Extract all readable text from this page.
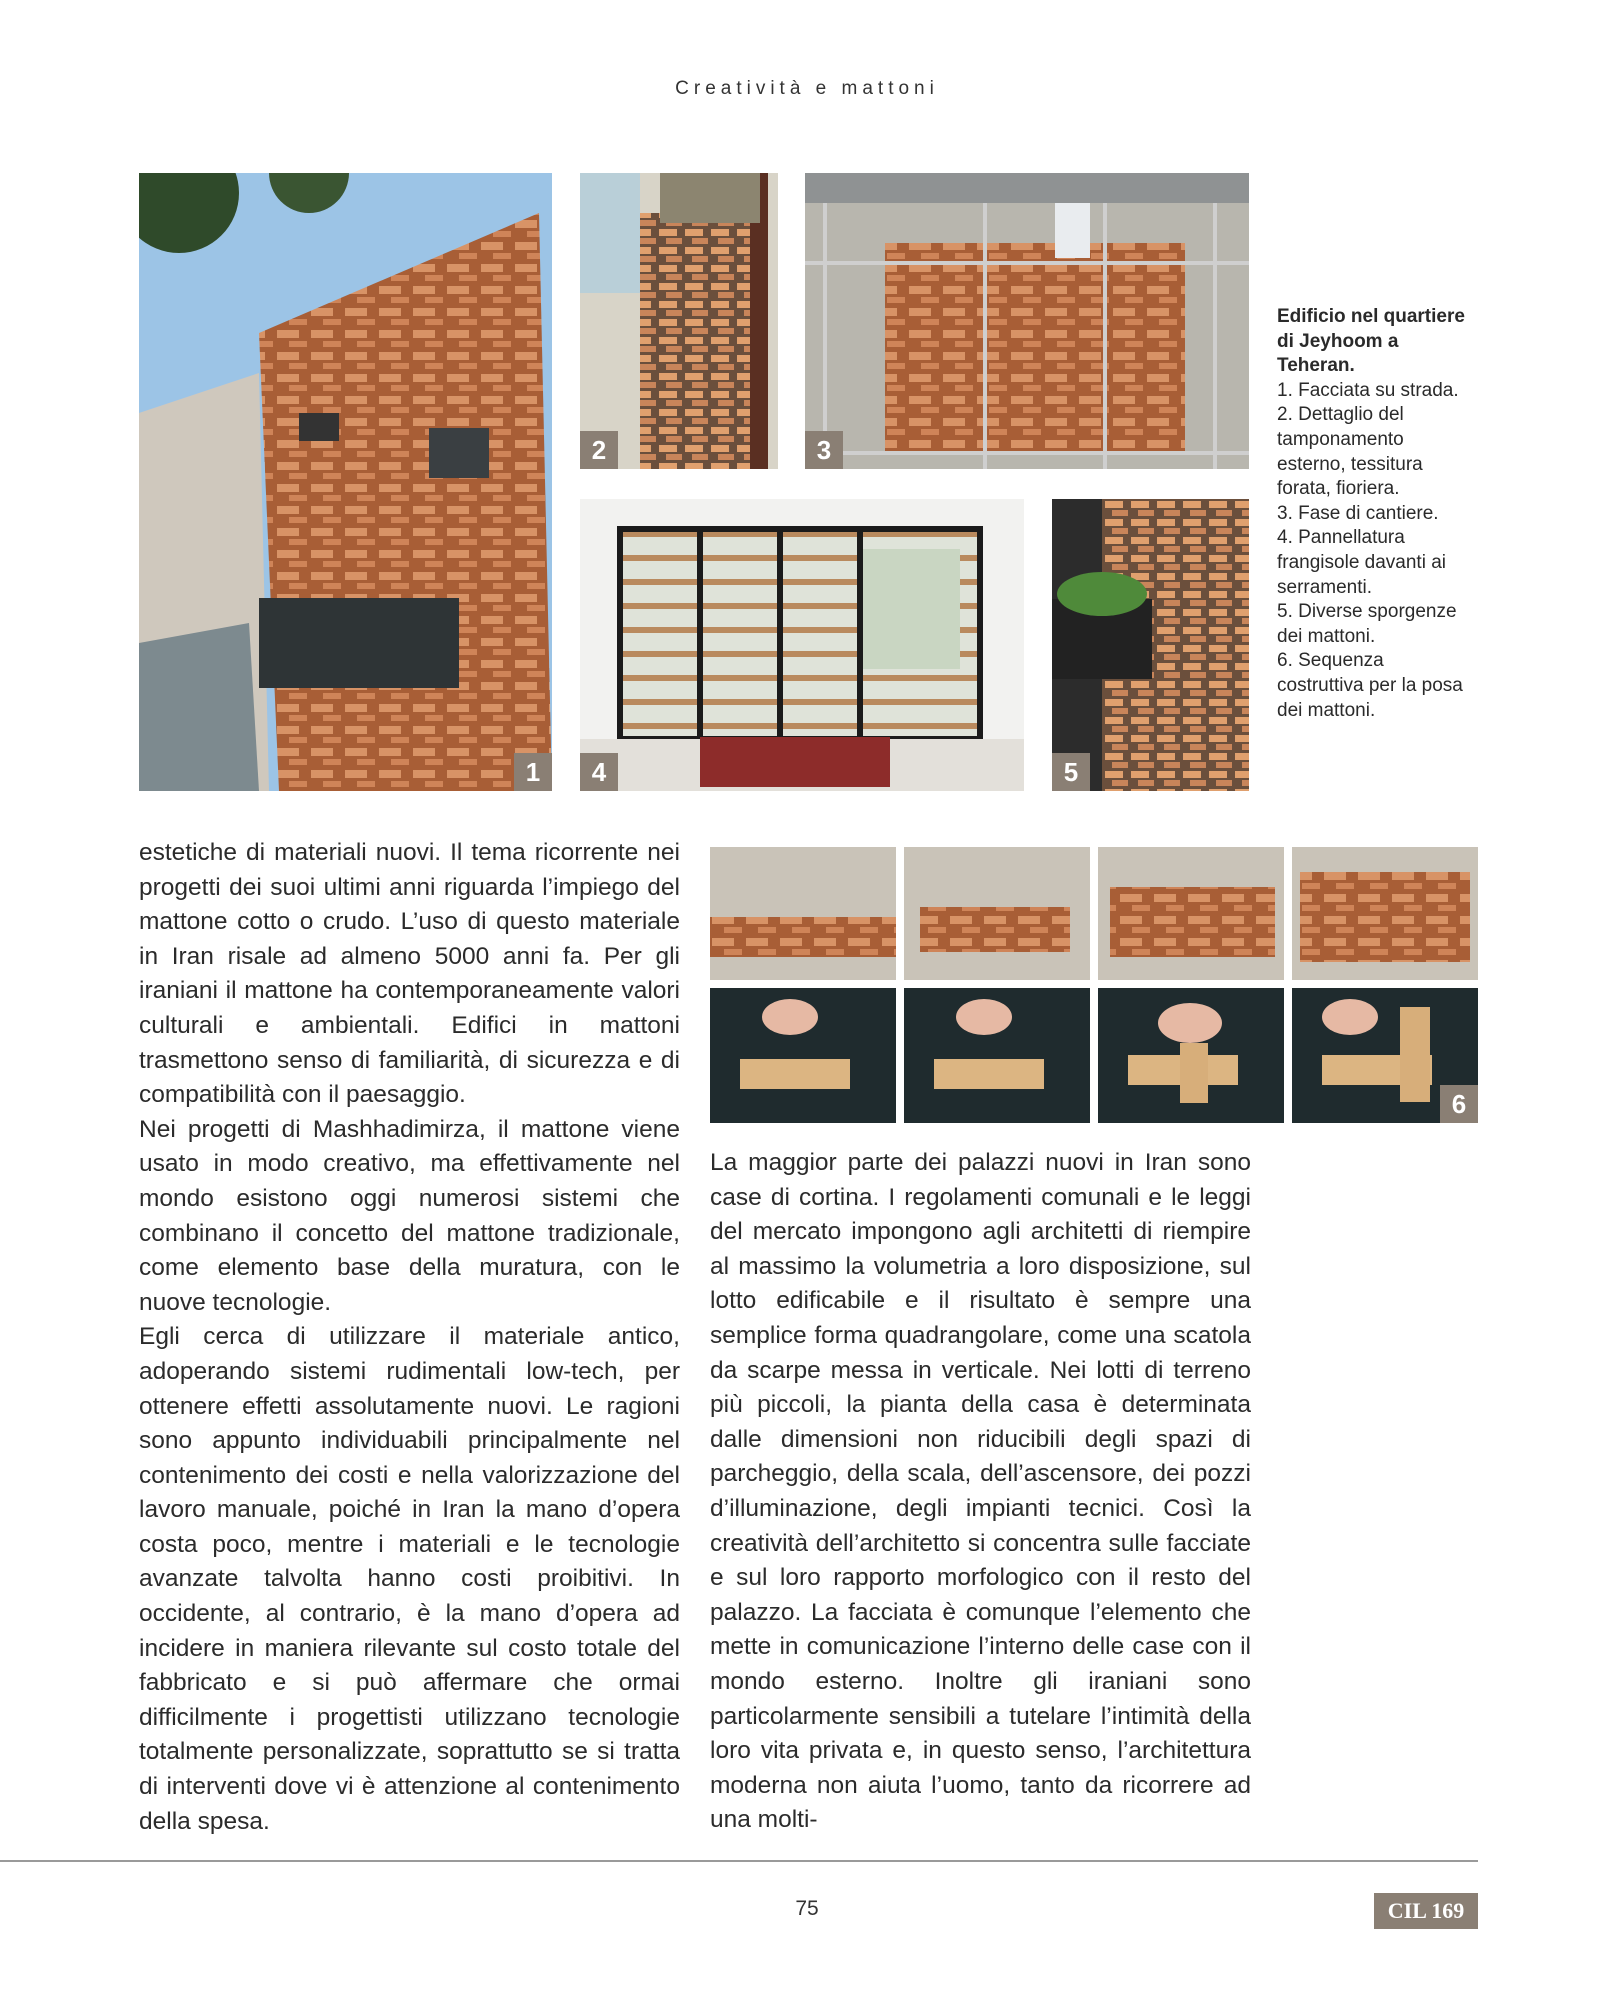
Creatività e mattoni
1
2	3
4	5
6

Edificio nel quartiere di Jeyhoom a Teheran.

1. Facciata su strada.

2. Dettaglio del tamponamento esterno, tessitura forata, fioriera.

3. Fase di cantiere.

4. Pannellatura frangisole davanti ai serramenti.

5. Diverse sporgenze dei mattoni.

6. Sequenza costruttiva per la posa dei mattoni.

estetiche di materiali nuovi. Il tema ricorrente nei progetti dei suoi ultimi anni riguarda l’impiego del mattone cotto o crudo. L’uso di questo materiale in Iran risale ad almeno 5000 anni fa. Per gli iraniani il mattone ha contemporaneamente valori culturali e ambientali. Edifici in mattoni trasmettono senso di familiarità, di sicurezza e di compatibilità con il paesaggio.

Nei progetti di Mashhadimirza, il mattone viene usato in modo creativo, ma effettivamente nel mondo esistono oggi numerosi sistemi che combinano il concetto del mattone tradizionale, come elemento base della muratura, con le nuove tecnologie.

Egli cerca di utilizzare il materiale antico, adoperando sistemi rudimentali low-tech, per ottenere effetti assolutamente nuovi. Le ragioni sono appunto individuabili principalmente nel contenimento dei costi e nella valorizzazione del lavoro manuale, poiché in Iran la mano d’opera costa poco, mentre i materiali e le tecnologie avanzate talvolta hanno costi proibitivi. In occidente, al contrario, è la mano d’opera ad incidere in maniera rilevante sul costo totale del fabbricato e si può affermare che ormai difficilmente i progettisti utilizzano tecnologie totalmente personalizzate, soprattutto se si tratta di interventi dove vi è attenzione al contenimento della spesa.

La maggior parte dei palazzi nuovi in Iran sono case di cortina. I regolamenti comunali e le leggi del mercato impongono agli architetti di riempire al massimo la volumetria a loro disposizione, sul lotto edificabile e il risultato è sempre una semplice forma quadrangolare, come una scatola da scarpe messa in verticale. Nei lotti di terreno più piccoli, la pianta della casa è determinata dalle dimensioni non riducibili degli spazi di parcheggio, della scala, dell’ascensore, dei pozzi d’illuminazione, degli impianti tecnici. Così la creatività dell’architetto si concentra sulle facciate e sul loro rapporto morfologico con il resto del palazzo. La facciata è comunque l’elemento che mette in comunicazione l’interno delle case con il mondo esterno. Inoltre gli iraniani sono particolarmente sensibili a tutelare l’intimità della loro vita privata e, in questo senso, l’architettura moderna non aiuta l’uomo, tanto da ricorrere ad una molti-

75	CIL 169
